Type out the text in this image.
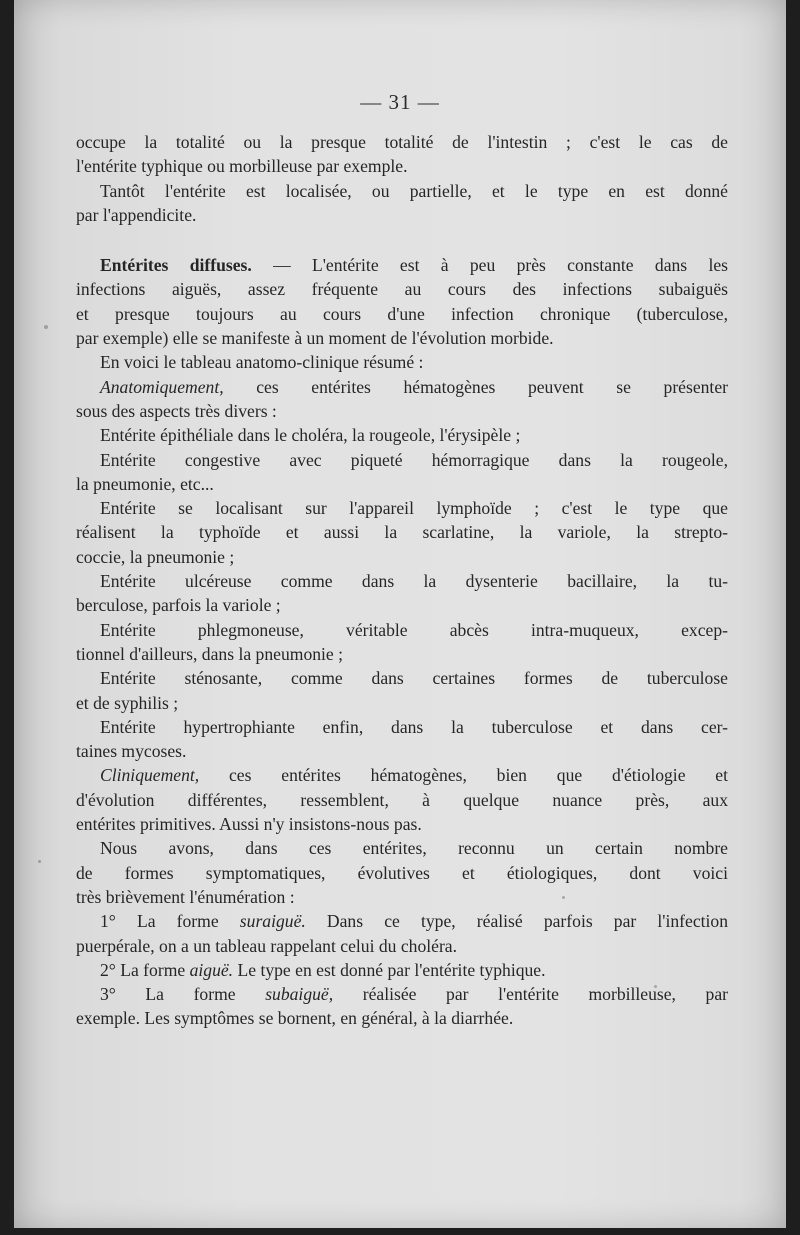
— 31 —

occupe la totalité ou la presque totalité de l'intestin ; c'est le cas de
l'entérite typhique ou morbilleuse par exemple.

Tantôt l'entérite est localisée, ou partielle, et le type en est donné
par l'appendicite.

Entérites diffuses. — L'entérite est à peu près constante dans les
infections aiguës, assez fréquente au cours des infections subaiguës
et presque toujours au cours d'une infection chronique (tuberculose,
par exemple) elle se manifeste à un moment de l'évolution morbide.

En voici le tableau anatomo-clinique résumé :

Anatomiquement, ces entérites hématogènes peuvent se présenter
sous des aspects très divers :

Entérite épithéliale dans le choléra, la rougeole, l'érysipèle ;

Entérite congestive avec piqueté hémorragique dans la rougeole,
la pneumonie, etc...

Entérite se localisant sur l'appareil lymphoïde ; c'est le type que
réalisent la typhoïde et aussi la scarlatine, la variole, la strepto-
coccie, la pneumonie ;

Entérite ulcéreuse comme dans la dysenterie bacillaire, la tu-
berculose, parfois la variole ;

Entérite phlegmoneuse, véritable abcès intra-muqueux, excep-
tionnel d'ailleurs, dans la pneumonie ;

Entérite sténosante, comme dans certaines formes de tuberculose
et de syphilis ;

Entérite hypertrophiante enfin, dans la tuberculose et dans cer-
taines mycoses.

Cliniquement, ces entérites hématogènes, bien que d'étiologie et
d'évolution différentes, ressemblent, à quelque nuance près, aux
entérites primitives. Aussi n'y insistons-nous pas.

Nous avons, dans ces entérites, reconnu un certain nombre
de formes symptomatiques, évolutives et étiologiques, dont voici
très brièvement l'énumération :

1° La forme suraiguë. Dans ce type, réalisé parfois par l'infection
puerpérale, on a un tableau rappelant celui du choléra.

2° La forme aiguë. Le type en est donné par l'entérite typhique.

3° La forme subaiguë, réalisée par l'entérite morbilleuse, par
exemple. Les symptômes se bornent, en général, à la diarrhée.
